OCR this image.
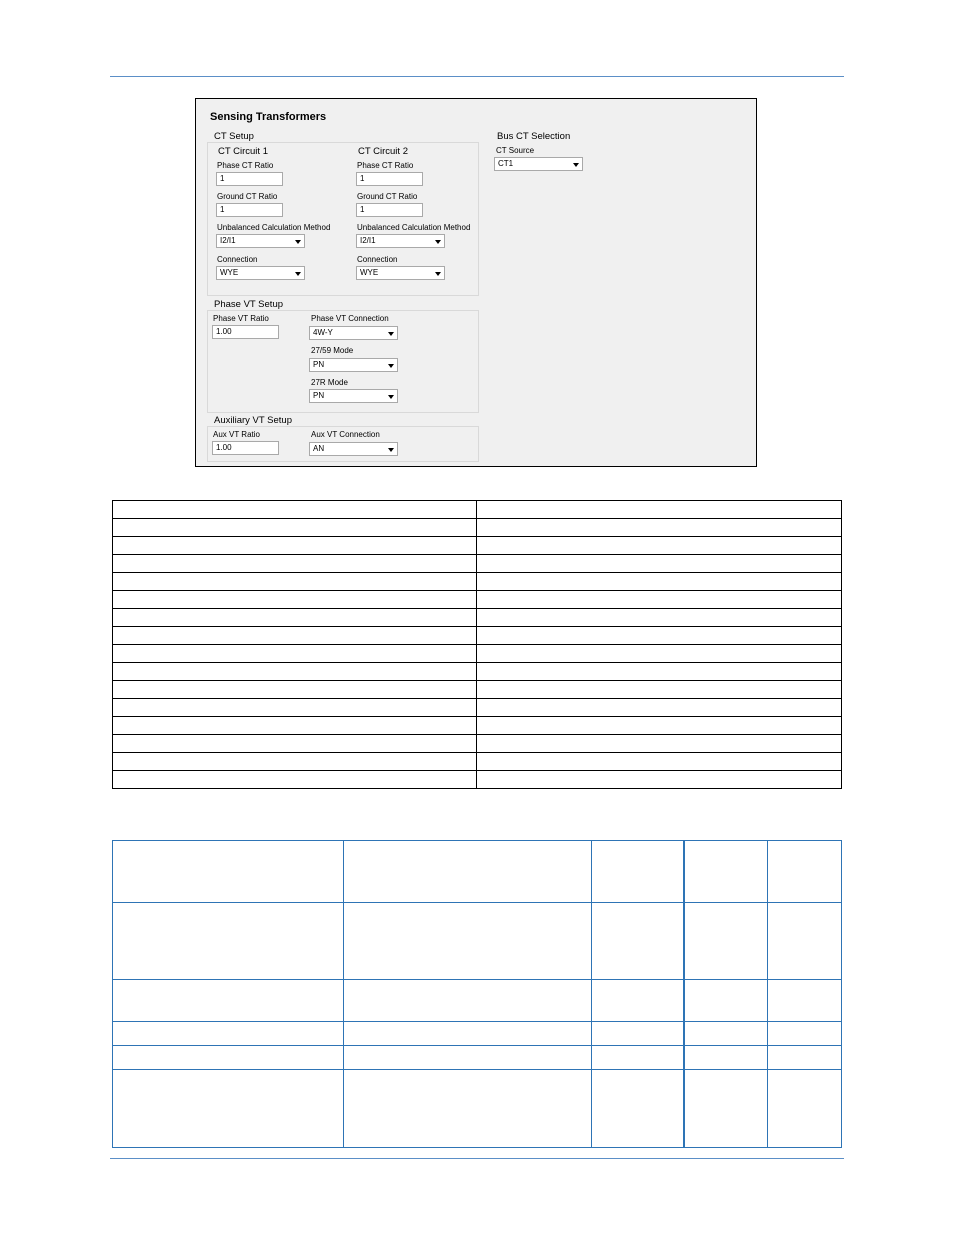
Sensing Transformers
CT Setup
CT Circuit 1
Phase CT Ratio
1
Ground CT Ratio
1
Unbalanced Calculation Method
I2/I1
Connection
WYE
CT Circuit 2
Phase CT Ratio
1
Ground CT Ratio
1
Unbalanced Calculation Method
I2/I1
Connection
WYE
Bus CT Selection
CT Source
CT1
Phase VT Setup
Phase VT Ratio
1.00
Phase VT Connection
4W-Y
27/59 Mode
PN
27R Mode
PN
Auxiliary VT Setup
Aux VT Ratio
1.00
Aux VT Connection
AN
